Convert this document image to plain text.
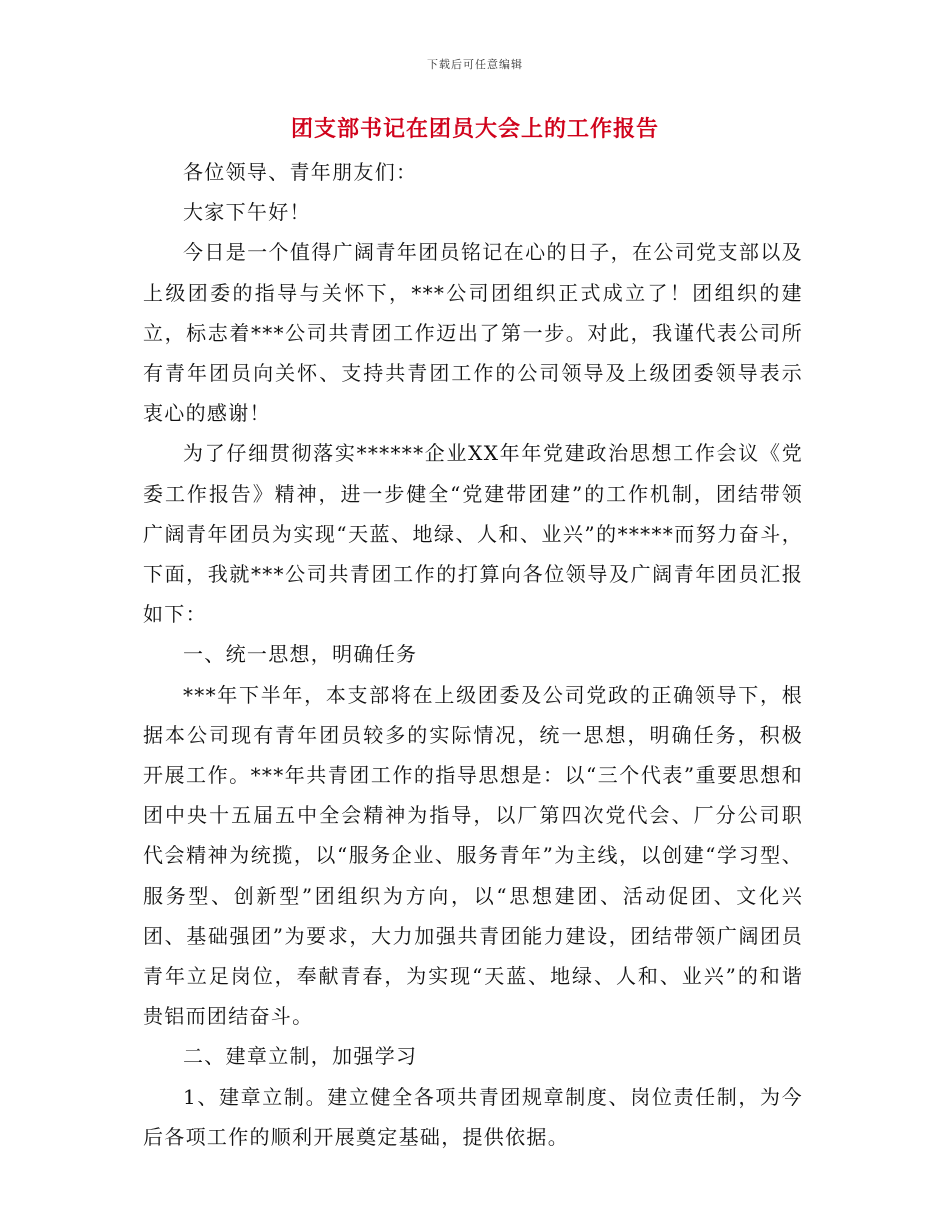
下载后可任意编辑
团支部书记在团员大会上的工作报告

各位领导、青年朋友们：

大家下午好！

今日是一个值得广阔青年团员铭记在心的日子，在公司党支部以及上级团委的指导与关怀下，***公司团组织正式成立了！团组织的建立，标志着***公司共青团工作迈出了第一步。对此，我谨代表公司所有青年团员向关怀、支持共青团工作的公司领导及上级团委领导表示衷心的感谢！

为了仔细贯彻落实******企业XX年年党建政治思想工作会议《党委工作报告》精神，进一步健全“党建带团建”的工作机制，团结带领广阔青年团员为实现“天蓝、地绿、人和、业兴”的*****而努力奋斗，下面，我就***公司共青团工作的打算向各位领导及广阔青年团员汇报如下：

一、统一思想，明确任务

***年下半年，本支部将在上级团委及公司党政的正确领导下，根据本公司现有青年团员较多的实际情况，统一思想，明确任务，积极开展工作。***年共青团工作的指导思想是：以“三个代表”重要思想和团中央十五届五中全会精神为指导，以厂第四次党代会、厂分公司职代会精神为统揽，以“服务企业、服务青年”为主线，以创建“学习型、服务型、创新型”团组织为方向，以“思想建团、活动促团、文化兴团、基础强团”为要求，大力加强共青团能力建设，团结带领广阔团员青年立足岗位，奉献青春，为实现“天蓝、地绿、人和、业兴”的和谐贵铝而团结奋斗。

二、建章立制，加强学习

1、建章立制。建立健全各项共青团规章制度、岗位责任制，为今后各项工作的顺利开展奠定基础，提供依据。
